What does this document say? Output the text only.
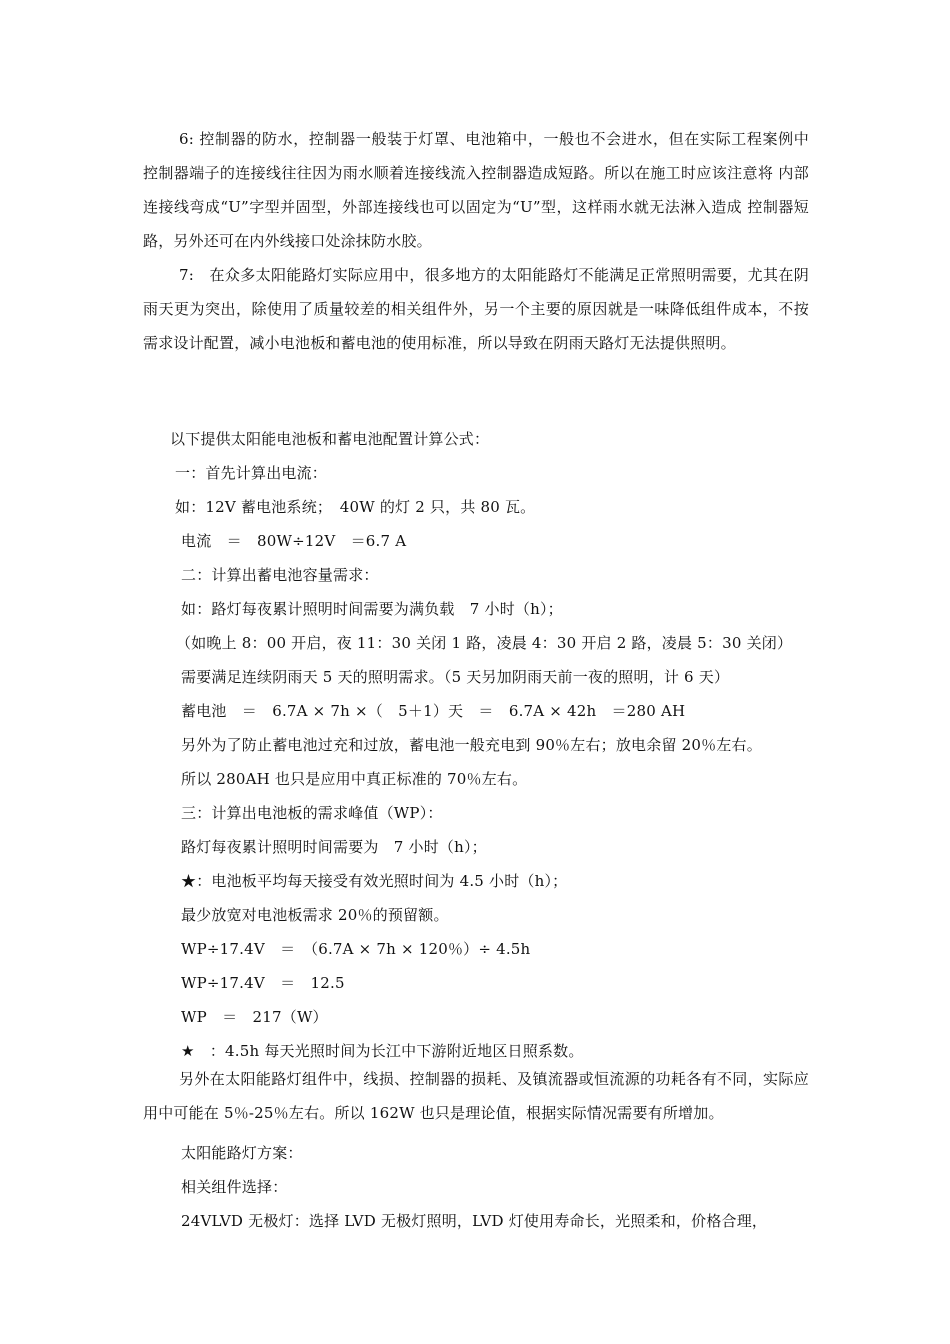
6: 控制器的防水，控制器一般装于灯罩、电池箱中，一般也不会进水，但在实际工程案例中 控制器端子的连接线往往因为雨水顺着连接线流入控制器造成短路。所以在施工时应该注意将 内部连接线弯成“U”字型并固型，外部连接线也可以固定为“U”型，这样雨水就无法淋入造成 控制器短路，另外还可在内外线接口处涂抹防水胶。

7:　在众多太阳能路灯实际应用中，很多地方的太阳能路灯不能满足正常照明需要，尤其在阴雨天更为突出，除使用了质量较差的相关组件外，另一个主要的原因就是一味降低组件成本，不按需求设计配置，减小电池板和蓄电池的使用标准，所以导致在阴雨天路灯无法提供照明。

以下提供太阳能电池板和蓄电池配置计算公式：

一：首先计算出电流：

如：12V 蓄电池系统；　40W 的灯 2 只，共 80 瓦。

电流　＝　80W÷12V　＝6.7 A

二：计算出蓄电池容量需求：

如：路灯每夜累计照明时间需要为满负载　7 小时（h）；

（如晚上 8：00 开启，夜 11：30 关闭 1 路，凌晨 4：30 开启 2 路，凌晨 5：30 关闭）

需要满足连续阴雨天 5 天的照明需求。（5 天另加阴雨天前一夜的照明，计 6 天）

蓄电池　＝　6.7A × 7h ×（　5＋1）天　＝　6.7A × 42h　＝280 AH

另外为了防止蓄电池过充和过放，蓄电池一般充电到 90％左右；放电余留 20％左右。

所以 280AH 也只是应用中真正标准的 70％左右。

三：计算出电池板的需求峰值（WP）：

路灯每夜累计照明时间需要为　7 小时（h）；

★：电池板平均每天接受有效光照时间为 4.5 小时（h）；

最少放宽对电池板需求 20％的预留额。

WP÷17.4V　＝　（6.7A × 7h × 120％）÷ 4.5h

WP÷17.4V　＝　12.5

WP　＝　217（W）

★　：4.5h 每天光照时间为长江中下游附近地区日照系数。

另外在太阳能路灯组件中，线损、控制器的损耗、及镇流器或恒流源的功耗各有不同，实际应用中可能在 5％-25％左右。所以 162W 也只是理论值，根据实际情况需要有所增加。

太阳能路灯方案：

相关组件选择：

24VLVD 无极灯：选择 LVD 无极灯照明，LVD 灯使用寿命长，光照柔和，价格合理，
